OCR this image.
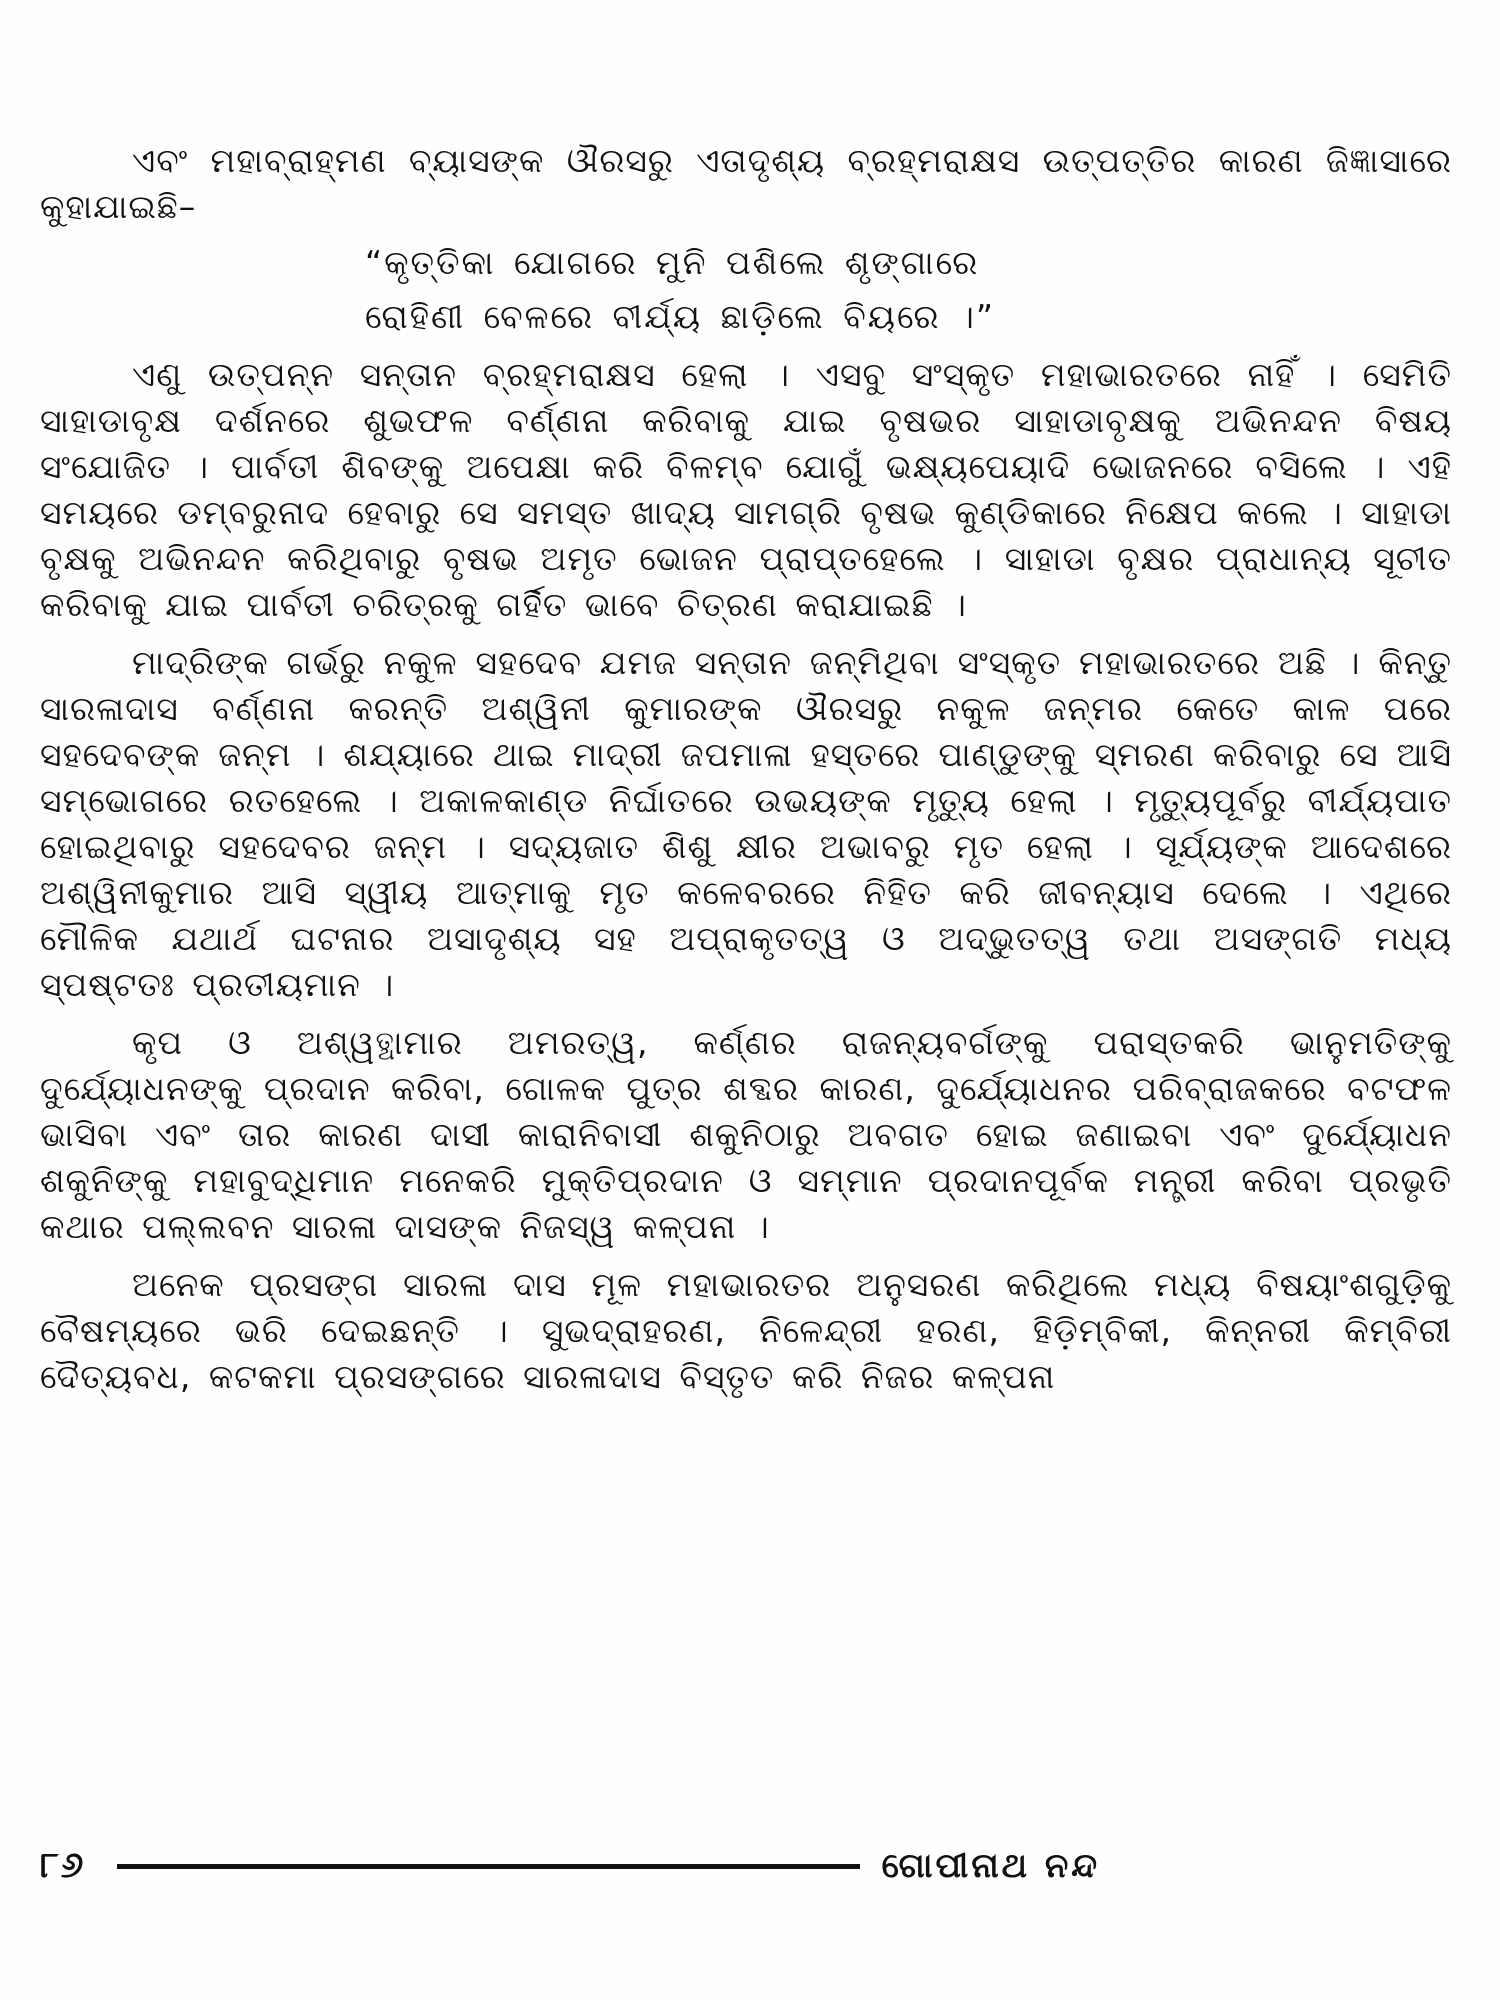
ଏବଂ ମହାବ୍ରାହ୍ମଣ ବ୍ୟାସଙ୍କ ଔରସରୁ ଏତାଦୃଶ୍ୟ ବ୍ରହ୍ମରାକ୍ଷସ ଉତ୍ପତ୍ତିର କାରଣ ଜିଜ୍ଞାସାରେ କୁହାଯାଇଛି–

“କୃତ୍ତିକା ଯୋଗରେ ମୁନି ପଶିଲେ ଶୃଙ୍ଗାରେ
ରୋହିଣୀ ବେଳରେ ବୀର୍ଯ୍ୟ ଛାଡ଼ିଲେ ବିୟରେ ।”

ଏଣୁ ଉତ୍ପନ୍ନ ସନ୍ତାନ ବ୍ରହ୍ମରାକ୍ଷସ ହେଲା । ଏସବୁ ସଂସ୍କୃତ ମହାଭାରତରେ ନାହିଁ । ସେମିତି ସାହାଡାବୃକ୍ଷ ଦର୍ଶନରେ ଶୁଭଫଳ ବର୍ଣ୍ଣନା କରିବାକୁ ଯାଇ ବୃଷଭର ସାହାଡାବୃକ୍ଷକୁ ଅଭିନନ୍ଦନ ବିଷୟ ସଂଯୋଜିତ । ପାର୍ବତୀ ଶିବଙ୍କୁ ଅପେକ୍ଷା କରି ବିଳମ୍ବ ଯୋଗୁଁ ଭକ୍ଷ୍ୟପେୟାଦି ଭୋଜନରେ ବସିଲେ । ଏହି ସମୟରେ ଡମ୍ବରୁନାଦ ହେବାରୁ ସେ ସମସ୍ତ ଖାଦ୍ୟ ସାମଗ୍ରି ବୃଷଭ କୁଣ୍ଡିକାରେ ନିକ୍ଷେପ କଲେ । ସାହାଡା ବୃକ୍ଷକୁ ଅଭିନନ୍ଦନ କରିଥିବାରୁ ବୃଷଭ ଅମୃତ ଭୋଜନ ପ୍ରାପ୍ତହେଲେ । ସାହାଡା ବୃକ୍ଷର ପ୍ରାଧାନ୍ୟ ସୂଚୀତ କରିବାକୁ ଯାଇ ପାର୍ବତୀ ଚରିତ୍ରକୁ ଗର୍ହିତ ଭାବେ ଚିତ୍ରଣ କରାଯାଇଛି ।

ମାଦ୍ରିଙ୍କ ଗର୍ଭରୁ ନକୁଳ ସହଦେବ ଯମଜ ସନ୍ତାନ ଜନ୍ମିଥିବା ସଂସ୍କୃତ ମହାଭାରତରେ ଅଛି । କିନ୍ତୁ ସାରଳାଦାସ ବର୍ଣ୍ଣନା କରନ୍ତି ଅଶ୍ୱିନୀ କୁମାରଙ୍କ ଔରସରୁ ନକୁଳ ଜନ୍ମର କେତେ କାଳ ପରେ ସହଦେବଙ୍କ ଜନ୍ମ । ଶଯ୍ୟାରେ ଥାଇ ମାଦ୍ରୀ ଜପମାଳା ହସ୍ତରେ ପାଣ୍ଡୁଙ୍କୁ ସ୍ମରଣ କରିବାରୁ ସେ ଆସି ସମ୍ଭୋଗରେ ରତହେଲେ । ଅକାଳକାଣ୍ଡ ନିର୍ଘାତରେ ଉଭୟଙ୍କ ମୃତ୍ୟୁ ହେଲା । ମୃତ୍ୟୁପୂର୍ବରୁ ବୀର୍ଯ୍ୟପାତ ହୋଇଥିବାରୁ ସହଦେବର ଜନ୍ମ । ସଦ୍ୟଜାତ ଶିଶୁ କ୍ଷୀର ଅଭାବରୁ ମୃତ ହେଲା । ସୂର୍ଯ୍ୟଙ୍କ ଆଦେଶରେ ଅଶ୍ୱିନୀକୁମାର ଆସି ସ୍ୱୀୟ ଆତ୍ମାକୁ ମୃତ କଳେବରରେ ନିହିତ କରି ଜୀବନ୍ୟାସ ଦେଲେ । ଏଥିରେ ମୌଳିକ ଯଥାର୍ଥ ଘଟନାର ଅସାଦୃଶ୍ୟ ସହ ଅପ୍ରାକୃତତ୍ୱ ଓ ଅଦ୍ଭୁତତ୍ୱ ତଥା ଅସଙ୍ଗତି ମଧ୍ୟ ସ୍ପଷ୍ଟତଃ ପ୍ରତୀୟମାନ ।

କୃପ ଓ ଅଶ୍ୱତ୍ଥାମାର ଅମରତ୍ୱ, କର୍ଣ୍ଣର ରାଜନ୍ୟବର୍ଗଙ୍କୁ ପରାସ୍ତକରି ଭାନୁମତିଙ୍କୁ ଦୁର୍ଯ୍ୟୋଧନଙ୍କୁ ପ୍ରଦାନ କରିବା, ଗୋଳକ ପୁତ୍ର ଶବ୍ଦର କାରଣ, ଦୁର୍ଯ୍ୟୋଧନର ପରିବ୍ରାଜକରେ ବଟଫଳ ଭାସିବା ଏବଂ ତାର କାରଣ ଦାସୀ କାରାନିବାସୀ ଶକୁନିଠାରୁ ଅବଗତ ହୋଇ ଜଣାଇବା ଏବଂ ଦୁର୍ଯ୍ୟୋଧନ ଶକୁନିଙ୍କୁ ମହାବୁଦ୍ଧିମାନ ମନେକରି ମୁକ୍ତିପ୍ରଦାନ ଓ ସମ୍ମାନ ପ୍ରଦାନପୂର୍ବକ ମନ୍ତ୍ରୀ କରିବା ପ୍ରଭୃତି କଥାର ପଲ୍ଲବନ ସାରଳା ଦାସଙ୍କ ନିଜସ୍ୱ କଳ୍ପନା ।

ଅନେକ ପ୍ରସଙ୍ଗ ସାରଳା ଦାସ ମୂଳ ମହାଭାରତର ଅନୁସରଣ କରିଥିଲେ ମଧ୍ୟ ବିଷୟାଂଶଗୁଡ଼ିକୁ ବୈଷମ୍ୟରେ ଭରି ଦେଇଛନ୍ତି । ସୁଭଦ୍ରାହରଣ, ନିଳେନ୍ଦ୍ରୀ ହରଣ, ହିଡ଼ିମ୍ବିକୀ, କିନ୍ନରୀ କିମ୍ବିରୀ ଦୈତ୍ୟବଧ, କଟକମା ପ୍ରସଙ୍ଗରେ ସାରଳାଦାସ ବିସ୍ତୃତ କରି ନିଜର କଳ୍ପନା

୮୬	ଗୋପୀନାଥ ନନ୍ଦ
